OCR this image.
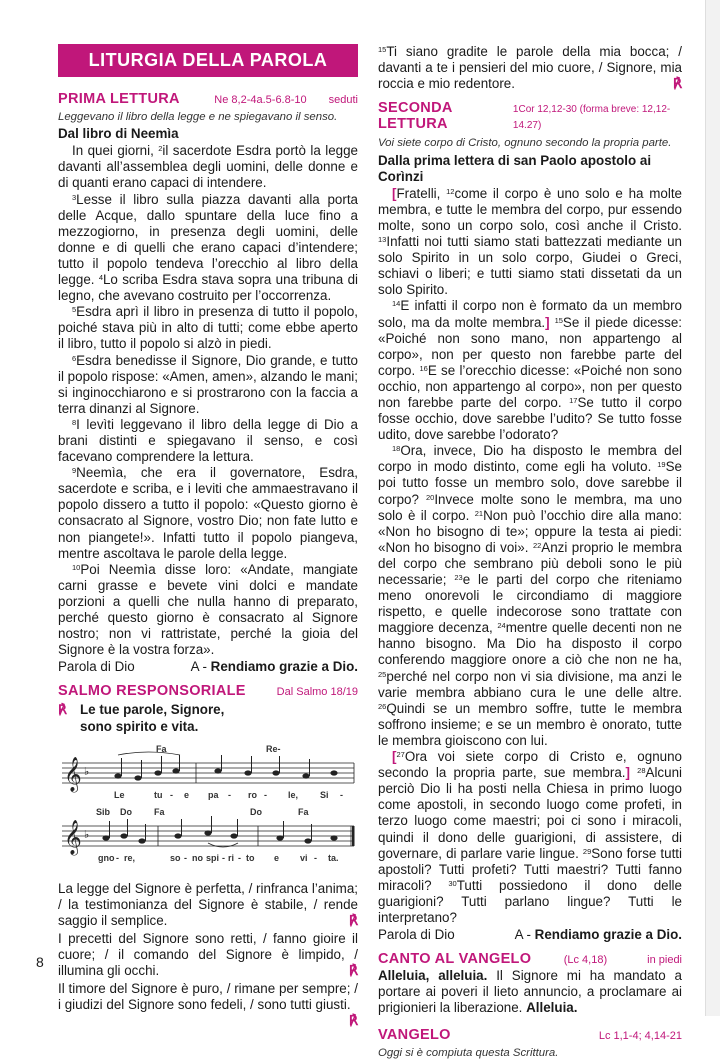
LITURGIA DELLA PAROLA
PRIMA LETTURA	Ne 8,2-4a.5-6.8-10 seduti
Leggevano il libro della legge e ne spiegavano il senso.
Dal libro di Neemìa

In quei giorni, $^2$il sacerdote Esdra portò la legge davanti all’assemblea degli uomini, delle donne e di quanti erano capaci di intendere.

$^3$Lesse il libro sulla piazza davanti alla porta delle Acque, dallo spuntare della luce fino a mezzogiorno, in presenza degli uomini, delle donne e di quelli che erano capaci d’intendere; tutto il popolo tendeva l’orecchio al libro della legge. $^4$Lo scriba Esdra stava sopra una tribuna di legno, che avevano costruito per l’occorrenza.

$^5$Esdra aprì il libro in presenza di tutto il popolo, poiché stava più in alto di tutti; come ebbe aperto il libro, tutto il popolo si alzò in piedi.

$^6$Esdra benedisse il Signore, Dio grande, e tutto il popolo rispose: «Amen, amen», alzando le mani; si inginocchiarono e si prostrarono con la faccia a terra dinanzi al Signore.

$^8$I levìti leggevano il libro della legge di Dio a brani distinti e spiegavano il senso, e così facevano comprendere la lettura.

$^9$Neemìa, che era il governatore, Esdra, sacerdote e scriba, e i leviti che ammaestravano il popolo dissero a tutto il popolo: «Questo giorno è consacrato al Signore, vostro Dio; non fate lutto e non piangete!». Infatti tutto il popolo piangeva, mentre ascoltava le parole della legge.

$^{10}$Poi Neemìa disse loro: «Andate, mangiate carni grasse e bevete vini dolci e mandate porzioni a quelli che nulla hanno di preparato, perché questo giorno è consacrato al Signore nostro; non vi rattristate, perché la gioia del Signore è la vostra forza».

Parola di Dio	A - Rendiamo grazie a Dio.
SALMO RESPONSORIALE	Dal Salmo 18/19
℟ Le tue parole, Signore,
sono spirito e vita.
𝄞
𝄞
♭
♭
Fa	Re-
Sib Do Fa	Do	Fa
Le	tu - e pa - ro - le, Si -
gno - re,	so - no spi - ri - to e vi - ta.

La legge del Signore è perfetta, / rinfranca l’anima; / la testimonianza del Signore è stabile, / rende saggio il semplice.	℟

I precetti del Signore sono retti, / fanno gioire il cuore; / il comando del Signore è limpido, / illumina gli occhi.	℟

Il timore del Signore è puro, / rimane per sempre; / i giudizi del Signore sono fedeli, / sono tutti giusti.
℟

8

$^{15}$Ti siano gradite le parole della mia bocca; / davanti a te i pensieri del mio cuore, / Signore, mia roccia e mio redentore.	℟

SECONDA LETTURA
1Cor 12,12-30 (forma breve: 12,12-14.27)
Voi siete corpo di Cristo, ognuno secondo la propria parte.
Dalla prima lettera di san Paolo apostolo ai Corìnzi

[Fratelli, $^{12}$come il corpo è uno solo e ha molte membra, e tutte le membra del corpo, pur essendo molte, sono un corpo solo, così anche il Cristo. $^{13}$Infatti noi tutti siamo stati battezzati mediante un solo Spirito in un solo corpo, Giudei o Greci, schiavi o liberi; e tutti siamo stati dissetati da un solo Spirito.

$^{14}$E infatti il corpo non è formato da un membro solo, ma da molte membra.] $^{15}$Se il piede dicesse: «Poiché non sono mano, non appartengo al corpo», non per questo non farebbe parte del corpo. $^{16}$E se l’orecchio dicesse: «Poiché non sono occhio, non appartengo al corpo», non per questo non farebbe parte del corpo. $^{17}$Se tutto il corpo fosse occhio, dove sarebbe l’udito? Se tutto fosse udito, dove sarebbe l’odorato?

$^{18}$Ora, invece, Dio ha disposto le membra del corpo in modo distinto, come egli ha voluto. $^{19}$Se poi tutto fosse un membro solo, dove sarebbe il corpo? $^{20}$Invece molte sono le membra, ma uno solo è il corpo. $^{21}$Non può l’occhio dire alla mano: «Non ho bisogno di te»; oppure la testa ai piedi: «Non ho bisogno di voi». $^{22}$Anzi proprio le membra del corpo che sembrano più deboli sono le più necessarie; $^{23}$e le parti del corpo che riteniamo meno onorevoli le circondiamo di maggiore rispetto, e quelle indecorose sono trattate con maggiore decenza, $^{24}$mentre quelle decenti non ne hanno bisogno. Ma Dio ha disposto il corpo conferendo maggiore onore a ciò che non ne ha, $^{25}$perché nel corpo non vi sia divisione, ma anzi le varie membra abbiano cura le une delle altre. $^{26}$Quindi se un membro soffre, tutte le membra soffrono insieme; e se un membro è onorato, tutte le membra gioiscono con lui.

[$^{27}$Ora voi siete corpo di Cristo e, ognuno secondo la propria parte, sue membra.] $^{28}$Alcuni perciò Dio li ha posti nella Chiesa in primo luogo come apostoli, in secondo luogo come profeti, in terzo luogo come maestri; poi ci sono i miracoli, quindi il dono delle guarigioni, di assistere, di governare, di parlare varie lingue. $^{29}$Sono forse tutti apostoli? Tutti profeti? Tutti maestri? Tutti fanno miracoli? $^{30}$Tutti possiedono il dono delle guarigioni? Tutti parlano lingue? Tutti le interpretano?

Parola di Dio	A - Rendiamo grazie a Dio.
CANTO AL VANGELO	(Lc 4,18)	in piedi

Alleluia, alleluia. Il Signore mi ha mandato a portare ai poveri il lieto annuncio, a proclamare ai prigionieri la liberazione. Alleluia.

VANGELO	Lc 1,1-4; 4,14-21
Oggi si è compiuta questa Scrittura.
